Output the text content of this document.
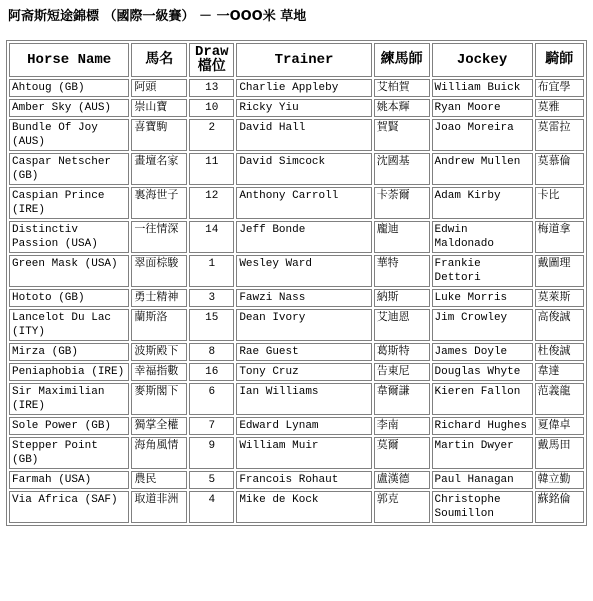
阿斋斯短途錦標 （國際一級賽） － 一OOO米 草地
Horse Name	馬名	Draw 檔位	Trainer	練馬師	Jockey	騎師
Ahtoug (GB)	阿頭	13	Charlie Appleby	艾柏賀	William Buick	布宜學
Amber Sky (AUS)	崇山寶	10	Ricky Yiu	姚本輝	Ryan Moore	莫雅
Bundle Of Joy (AUS)	喜寶駒	2	David Hall	賀賢	Joao Moreira	莫雷拉
Caspar Netscher (GB)	畫壇名家	11	David Simcock	沈國基	Andrew Mullen	莫慕倫
Caspian Prince (IRE)	裏海世子	12	Anthony Carroll	卡荼爾	Adam Kirby	卡比
Distinctiv Passion (USA)	一往情深	14	Jeff Bonde	龐迪	Edwin Maldonado	梅道拿
Green Mask (USA)	翠面棕駿	1	Wesley Ward	華特	Frankie Dettori	戴圖理
Hototo (GB)	勇士精神	3	Fawzi Nass	納斯	Luke Morris	莫萊斯
Lancelot Du Lac (ITY)	蘭斯洛	15	Dean Ivory	艾迪恩	Jim Crowley	高俊誠
Mirza (GB)	波斯殿下	8	Rae Guest	葛斯特	James Doyle	杜俊誠
Peniaphobia (IRE)	幸福指數	16	Tony Cruz	告東尼	Douglas Whyte	韋達
Sir Maximilian (IRE)	麥斯閣下	6	Ian Williams	韋爾謙	Kieren Fallon	范義龍
Sole Power (GB)	獨掌全權	7	Edward Lynam	李南	Richard Hughes	夏偉卓
Stepper Point (GB)	海角風情	9	William Muir	莫爾	Martin Dwyer	戴馬田
Farmah (USA)	農民	5	Francois Rohaut	盧漢德	Paul Hanagan	韓立勤
Via Africa (SAF)	取道非洲	4	Mike de Kock	郭克	Christophe Soumillon	蘇銘倫
